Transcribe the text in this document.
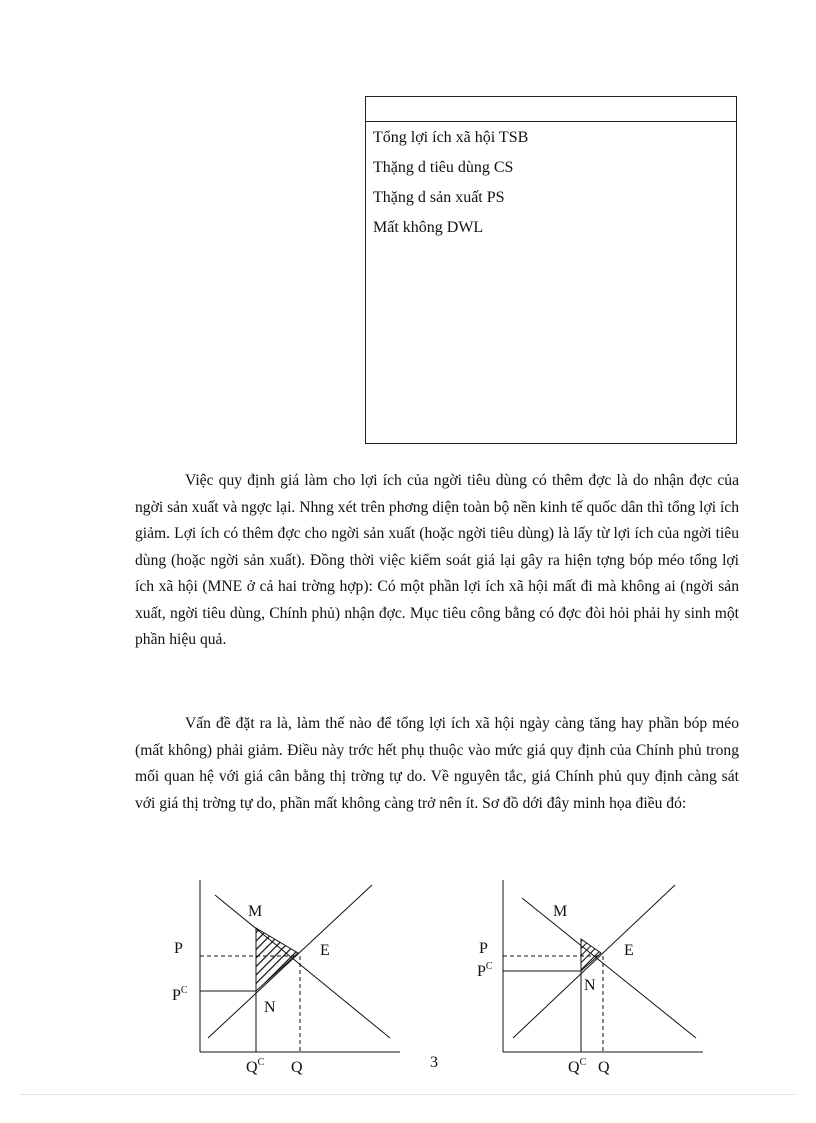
Tổng lợi ích xã hội TSB
Thặng d tiêu dùng CS
Thặng d sản xuất PS
Mất không DWL

Việc quy định giá làm cho lợi ích của ngời tiêu dùng có thêm đợc là do nhận đợc của ngời sản xuất và ngợc lại. Nhng xét trên phơng diện toàn bộ nền kinh tế quốc dân thì tổng lợi ích giảm. Lợi ích có thêm đợc cho ngời sản xuất (hoặc ngời tiêu dùng) là lấy từ lợi ích của ngời tiêu dùng (hoặc ngời sản xuất). Đồng thời việc kiểm soát giá lại gây ra hiện tợng bóp méo tổng lợi ích xã hội (MNE ở cả hai trờng hợp): Có một phần lợi ích xã hội mất đi mà không ai (ngời sản xuất, ngời tiêu dùng, Chính phủ) nhận đợc. Mục tiêu công bằng có đợc đòi hỏi phải hy sinh một phần hiệu quả.

Vấn đề đặt ra là, làm thế nào để tổng lợi ích xã hội ngày càng tăng hay phần bóp méo (mất không) phải giảm. Điều này trớc hết phụ thuộc vào mức giá quy định của Chính phủ trong mối quan hệ với giá cân bằng thị trờng tự do. Về nguyên tắc, giá Chính phủ quy định càng sát với giá thị trờng tự do, phần mất không càng trở nên ít. Sơ đồ dới đây minh họa điều đó:

M
E
N
P
$P^C$
$Q^C$ Q
M
E
N
P
$P^C$
$Q^C$ Q
3
